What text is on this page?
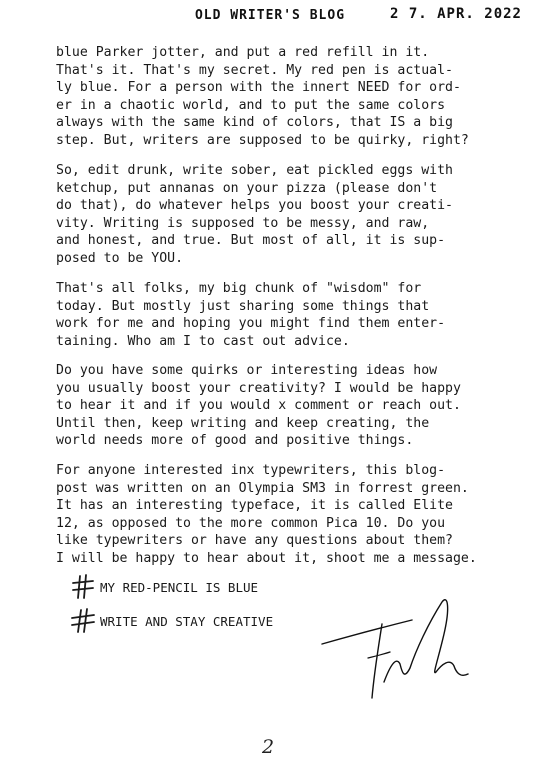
OLD WRITER'S BLOG	2 7. APR. 2022

blue Parker jotter, and put a red refill in it.

That's it. That's my secret. My red pen is actual-

ly blue. For a person with the innert NEED for ord-

er in a chaotic world, and to put the same colors

always with the same kind of colors, that IS a big

step. But, writers are supposed to be quirky, right?

So, edit drunk, write sober, eat pickled eggs with

ketchup, put annanas on your pizza (please don't

do that), do whatever helps you boost your creati-

vity. Writing is supposed to be messy, and raw,

and honest, and true. But most of all, it is sup-

posed to be YOU.

That's all folks, my big chunk of "wisdom" for

today. But mostly just sharing some things that

work for me and hoping you might find them enter-

taining. Who am I to cast out advice.

Do you have some quirks or interesting ideas how

you usually boost your creativity? I would be happy

to hear it and if you would x comment or reach out.

Until then, keep writing and keep creating, the

world needs more of good and positive things.

For anyone interested inx typewriters, this blog-

post was written on an Olympia SM3 in forrest green.

It has an interesting typeface, it is called Elite

12, as opposed to the more common Pica 10. Do you

like typewriters or have any questions about them?

I will be happy to hear about it, shoot me a message.

MY RED-PENCIL IS BLUE
WRITE AND STAY CREATIVE
2
